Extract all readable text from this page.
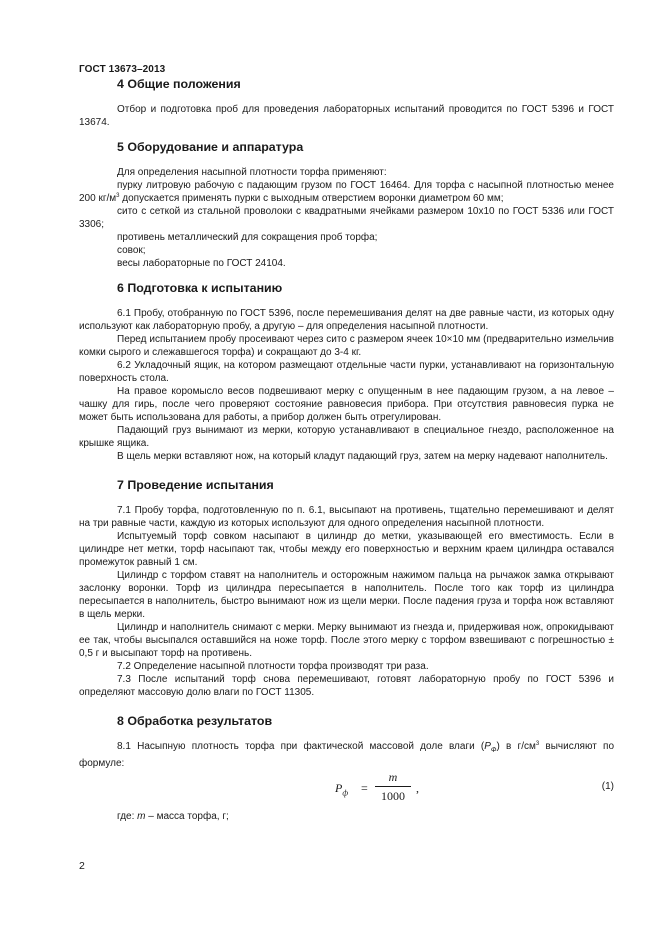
ГОСТ 13673–2013
4 Общие положения

Отбор и подготовка проб для проведения лабораторных испытаний проводится по ГОСТ 5396 и ГОСТ 13674.

5 Оборудование и аппаратура

Для определения насыпной плотности торфа применяют:

пурку литровую рабочую с падающим грузом по ГОСТ 16464. Для торфа с насыпной плотностью менее 200 $кг/м^3$ допускается применять пурки с выходным отверстием воронки диаметром 60 мм;

сито с сеткой из стальной проволоки с квадратными ячейками размером 10х10 по ГОСТ 5336 или ГОСТ 3306;

противень металлический для сокращения проб торфа;

совок;

весы лабораторные по ГОСТ 24104.

6 Подготовка к испытанию

6.1 Пробу, отобранную по ГОСТ 5396, после перемешивания делят на две равные части, из которых одну используют как лабораторную пробу, а другую – для определения насыпной плотности.

Перед испытанием пробу просеивают через сито с размером ячеек 10×10 мм (предварительно измельчив комки сырого и слежавшегося торфа) и сокращают до 3-4 кг.

6.2 Укладочный ящик, на котором размещают отдельные части пурки, устанавливают на горизонтальную поверхность стола.

На правое коромысло весов подвешивают мерку с опущенным в нее падающим грузом, а на левое – чашку для гирь, после чего проверяют состояние равновесия прибора. При отсутствия равновесия пурка не может быть использована для работы, а прибор должен быть отрегулирован.

Падающий груз вынимают из мерки, которую устанавливают в специальное гнездо, расположенное на крышке ящика.

В щель мерки вставляют нож, на который кладут падающий груз, затем на мерку надевают наполнитель.

7 Проведение испытания

7.1 Пробу торфа, подготовленную по п. 6.1, высыпают на противень, тщательно перемешивают и делят на три равные части, каждую из которых используют для одного определения насыпной плотности.

Испытуемый торф совком насыпают в цилиндр до метки, указывающей его вместимость. Если в цилиндре нет метки, торф насыпают так, чтобы между его поверхностью и верхним краем цилиндра оставался промежуток равный 1 см.

Цилиндр с торфом ставят на наполнитель и осторожным нажимом пальца на рычажок замка открывают заслонку воронки. Торф из цилиндра пересыпается в наполнитель. После того как торф из цилиндра пересыпается в наполнитель, быстро вынимают нож из щели мерки. После падения груза и торфа нож вставляют в щель мерки.

Цилиндр и наполнитель снимают с мерки. Мерку вынимают из гнезда и, придерживая нож, опрокидывают ее так, чтобы высыпался оставшийся на ноже торф. После этого мерку с торфом взвешивают с погрешностью ± 0,5 г и высыпают торф на противень.

7.2 Определение насыпной плотности торфа производят три раза.

7.3 После испытаний торф снова перемешивают, готовят лабораторную пробу по ГОСТ 5396 и определяют массовую долю влаги по ГОСТ 11305.

8 Обработка результатов

8.1 Насыпную плотность торфа при фактической массовой доле влаги $(Р_Ф)$ в $г/см^3$ вычисляют по формуле:

$P_ф$ =
m
1000
,	(1)

где: m – масса торфа, г;

2
